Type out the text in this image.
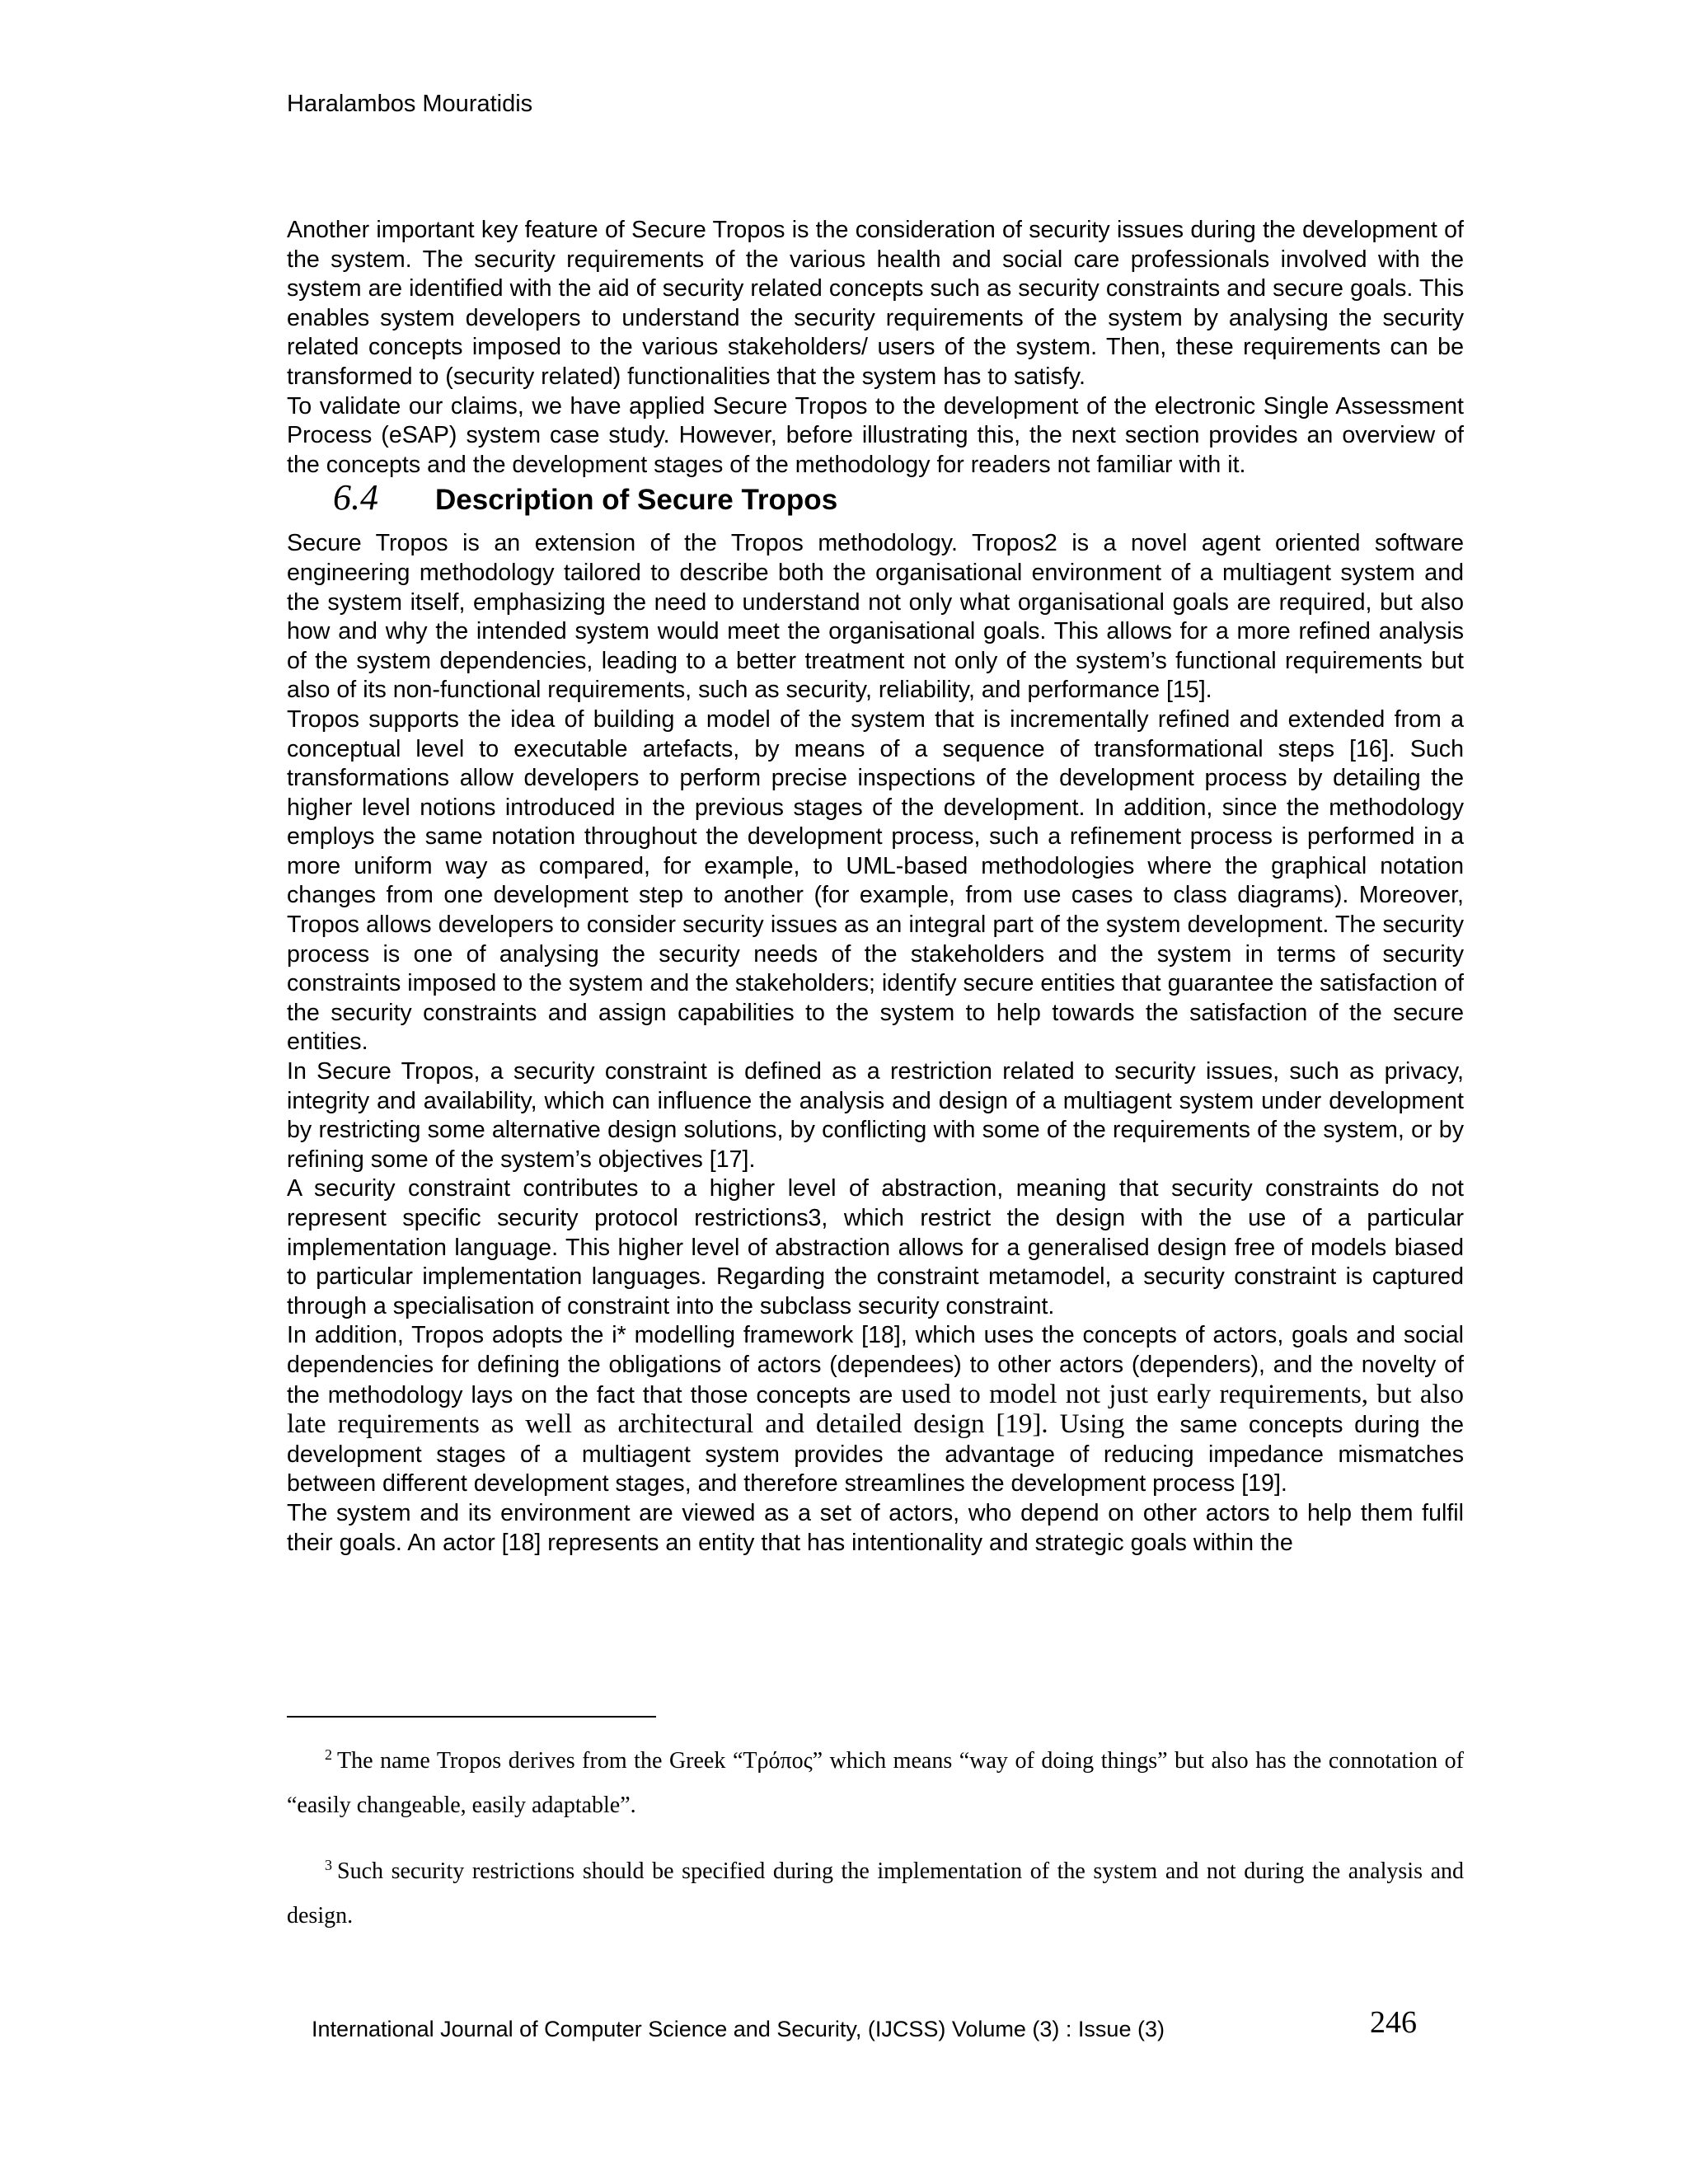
Haralambos Mouratidis

Another important key feature of Secure Tropos is the consideration of security issues during the development of the system. The security requirements of the various health and social care professionals involved with the system are identified with the aid of security related concepts such as security constraints and secure goals. This enables system developers to understand the security requirements of the system by analysing the security related concepts imposed to the various stakeholders/ users of the system. Then, these requirements can be transformed to (security related) functionalities that the system has to satisfy.

To validate our claims, we have applied Secure Tropos to the development of the electronic Single Assessment Process (eSAP) system case study. However, before illustrating this, the next section provides an overview of the concepts and the development stages of the methodology for readers not familiar with it.

6.4	Description of Secure Tropos

Secure Tropos is an extension of the Tropos methodology. Tropos2 is a novel agent oriented software engineering methodology tailored to describe both the organisational environment of a multiagent system and the system itself, emphasizing the need to understand not only what organisational goals are required, but also how and why the intended system would meet the organisational goals. This allows for a more refined analysis of the system dependencies, leading to a better treatment not only of the system’s functional requirements but also of its non-functional requirements, such as security, reliability, and performance [15].

Tropos supports the idea of building a model of the system that is incrementally refined and extended from a conceptual level to executable artefacts, by means of a sequence of transformational steps [16]. Such transformations allow developers to perform precise inspections of the development process by detailing the higher level notions introduced in the previous stages of the development. In addition, since the methodology employs the same notation throughout the development process, such a refinement process is performed in a more uniform way as compared, for example, to UML-based methodologies where the graphical notation changes from one development step to another (for example, from use cases to class diagrams). Moreover, Tropos allows developers to consider security issues as an integral part of the system development. The security process is one of analysing the security needs of the stakeholders and the system in terms of security constraints imposed to the system and the stakeholders; identify secure entities that guarantee the satisfaction of the security constraints and assign capabilities to the system to help towards the satisfaction of the secure entities.

In Secure Tropos, a security constraint is defined as a restriction related to security issues, such as privacy, integrity and availability, which can influence the analysis and design of a multiagent system under development by restricting some alternative design solutions, by conflicting with some of the requirements of the system, or by refining some of the system’s objectives [17].

A security constraint contributes to a higher level of abstraction, meaning that security constraints do not represent specific security protocol restrictions3, which restrict the design with the use of a particular implementation language. This higher level of abstraction allows for a generalised design free of models biased to particular implementation languages. Regarding the constraint metamodel, a security constraint is captured through a specialisation of constraint into the subclass security constraint.

In addition, Tropos adopts the i* modelling framework [18], which uses the concepts of actors, goals and social dependencies for defining the obligations of actors (dependees) to other actors (dependers), and the novelty of the methodology lays on the fact that those concepts are used to model not just early requirements, but also late requirements as well as architectural and detailed design [19]. Using the same concepts during the development stages of a multiagent system provides the advantage of reducing impedance mismatches between different development stages, and therefore streamlines the development process [19].

The system and its environment are viewed as a set of actors, who depend on other actors to help them fulfil their goals. An actor [18] represents an entity that has intentionality and strategic goals within the

$^2$ The name Tropos derives from the Greek “Τρόπος” which means “way of doing things” but also has the connotation of “easily changeable, easily adaptable”.

$^3$ Such security restrictions should be specified during the implementation of the system and not during the analysis and design.

International Journal of Computer Science and Security, (IJCSS) Volume (3) : Issue (3)	246
